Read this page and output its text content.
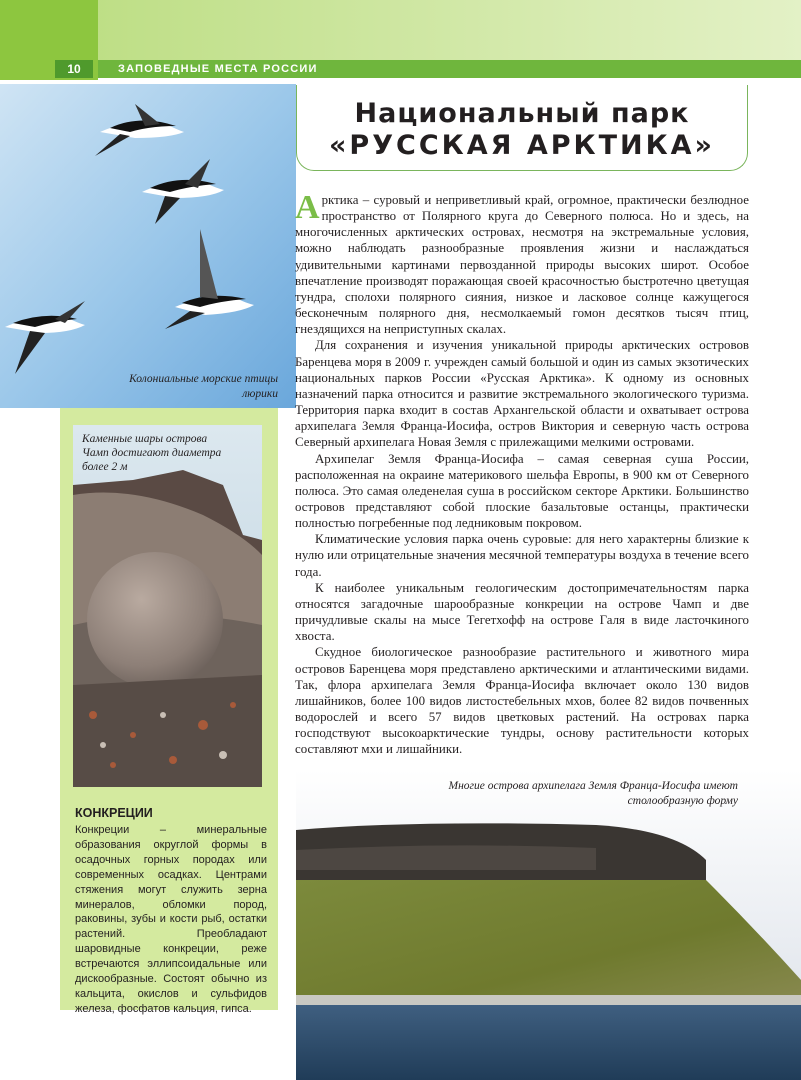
10	ЗАПОВЕДНЫЕ МЕСТА РОССИИ
Колониальные морские птицы люрики
Национальный парк
«РУССКАЯ АРКТИКА»
Каменные шары острова Чамп достигают диаметра более 2 м
КОНКРЕЦИИ
Конкреции – минеральные образования округлой формы в осадочных горных породах или современных осадках. Центрами стяжения могут служить зерна минералов, обломки пород, раковины, зубы и кости рыб, остатки растений. Преобладают шаровидные конкреции, реже встречаются эллипсоидальные или дискообразные. Состоят обычно из кальцита, окислов и сульфидов железа, фосфатов кальция, гипса.

Арктика – суровый и неприветливый край, огромное, практически безлюдное пространство от Полярного круга до Северного полюса. Но и здесь, на многочисленных арктических островах, несмотря на экстремальные условия, можно наблюдать разнообразные проявления жизни и наслаждаться удивительными картинами первозданной природы высоких широт. Особое впечатление производят поражающая своей красочностью быстротечно цветущая тундра, сполохи полярного сияния, низкое и ласковое солнце кажущегося бесконечным полярного дня, несмолкаемый гомон десятков тысяч птиц, гнездящихся на неприступных скалах.

Для сохранения и изучения уникальной природы арктических островов Баренцева моря в 2009 г. учрежден самый большой и один из самых экзотических национальных парков России «Русская Арктика». К одному из основных назначений парка относится и развитие экстремального экологического туризма. Территория парка входит в состав Архангельской области и охватывает острова архипелага Земля Франца-Иосифа, остров Виктория и северную часть острова Северный архипелага Новая Земля с прилежащими мелкими островами.

Архипелаг Земля Франца-Иосифа – самая северная суша России, расположенная на окраине материкового шельфа Европы, в 900 км от Северного полюса. Это самая оледенелая суша в российском секторе Арктики. Большинство островов представляют собой плоские базальтовые останцы, практически полностью погребенные под ледниковым покровом.

Климатические условия парка очень суровые: для него характерны близкие к нулю или отрицательные значения месячной температуры воздуха в течение всего года.

К наиболее уникальным геологическим достопримечательностям парка относятся загадочные шарообразные конкреции на острове Чамп и две причудливые скалы на мысе Тегетхофф на острове Галя в виде ласточкиного хвоста.

Скудное биологическое разнообразие растительного и животного мира островов Баренцева моря представлено арктическими и атлантическими видами. Так, флора архипелага Земля Франца-Иосифа включает около 130 видов лишайников, более 100 видов листостебельных мхов, более 82 видов почвенных водорослей и всего 57 видов цветковых растений. На островах парка господствуют высокоарктические тундры, основу растительности которых составляют мхи и лишайники.

Многие острова архипелага Земля Франца-Иосифа имеют столообразную форму
